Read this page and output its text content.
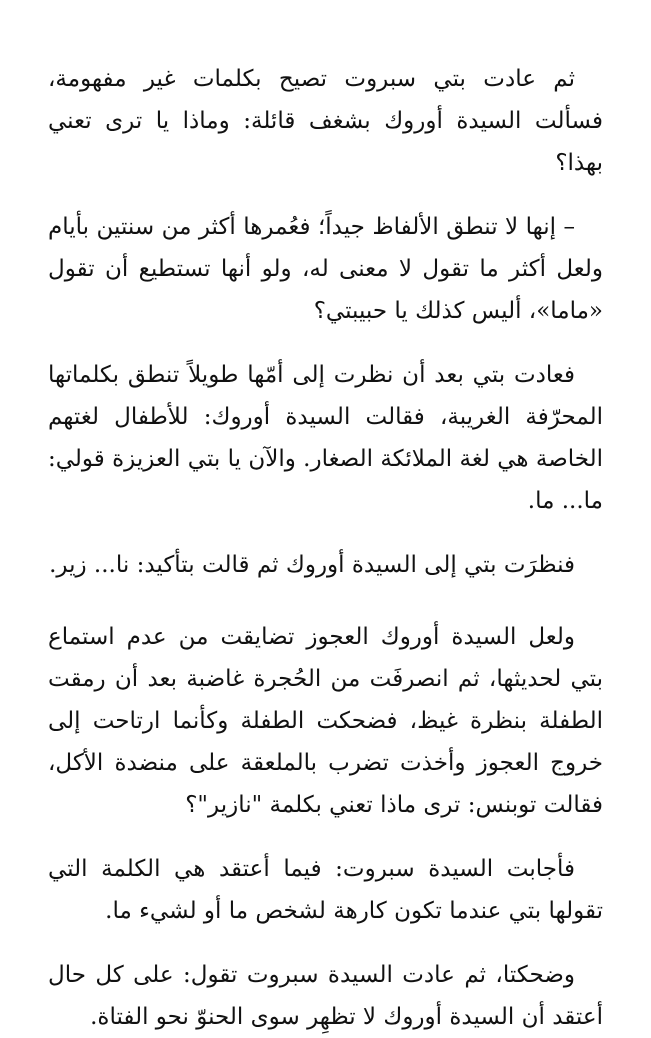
ثم عادت بتي سبروت تصيح بكلمات غير مفهومة، فسألت السيدة أوروك بشغف قائلة: وماذا يا ترى تعني بهذا؟

– إنها لا تنطق الألفاظ جيداً؛ فعُمرها أكثر من سنتين بأيام ولعل أكثر ما تقول لا معنى له، ولو أنها تستطيع أن تقول «ماما»، أليس كذلك يا حبيبتي؟

فعادت بتي بعد أن نظرت إلى أمّها طويلاً تنطق بكلماتها المحرّفة الغريبة، فقالت السيدة أوروك: للأطفال لغتهم الخاصة هي لغة الملائكة الصغار. والآن يا بتي العزيزة قولي: ما... ما.

فنظرَت بتي إلى السيدة أوروك ثم قالت بتأكيد: نا... زير.

ولعل السيدة أوروك العجوز تضايقت من عدم استماع بتي لحديثها، ثم انصرفَت من الحُجرة غاضبة بعد أن رمقت الطفلة بنظرة غيظ، فضحكت الطفلة وكأنما ارتاحت إلى خروج العجوز وأخذت تضرب بالملعقة على منضدة الأكل، فقالت توبنس: ترى ماذا تعني بكلمة "نازير"؟

فأجابت السيدة سبروت: فيما أعتقد هي الكلمة التي تقولها بتي عندما تكون كارهة لشخص ما أو لشيء ما.

وضحكتا، ثم عادت السيدة سبروت تقول: على كل حال أعتقد أن السيدة أوروك لا تظهِر سوى الحنوّ نحو الفتاة.
